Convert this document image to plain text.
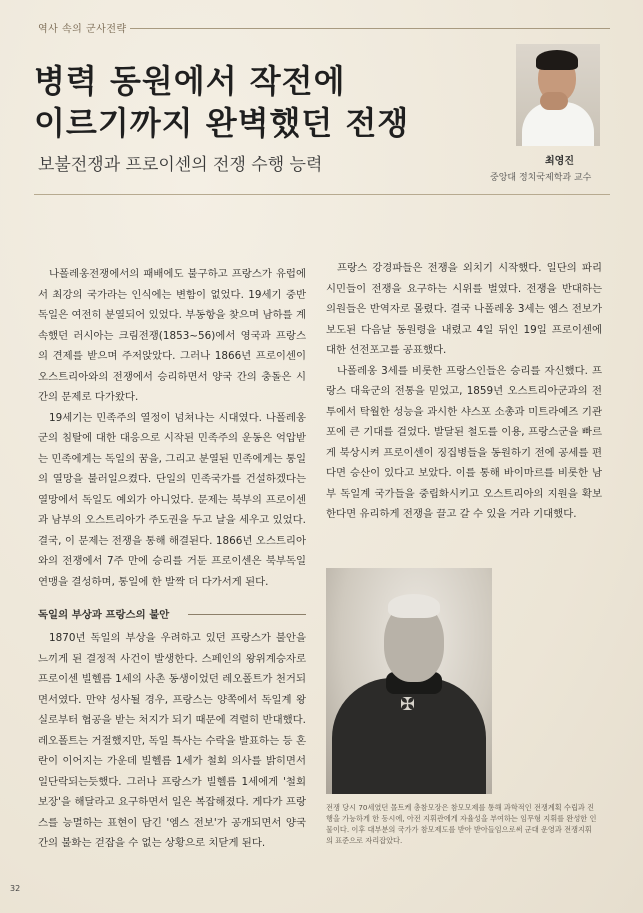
역사 속의 군사전략
병력 동원에서 작전에
이르기까지 완벽했던 전쟁
보불전쟁과 프로이센의 전쟁 수행 능력	최영진
중앙대 정치국제학과 교수

나폴레옹전쟁에서의 패배에도 불구하고 프랑스가 유럽에서 최강의 국가라는 인식에는 변함이 없었다. 19세기 중반 독일은 여전히 분열되어 있었다. 부동항을 찾으며 남하를 계속했던 러시아는 크림전쟁(1853~56)에서 영국과 프랑스의 견제를 받으며 주저앉았다. 그러나 1866년 프로이센이 오스트리아와의 전쟁에서 승리하면서 양국 간의 충돌은 시간의 문제로 다가왔다.

19세기는 민족주의 열정이 넘쳐나는 시대였다. 나폴레옹군의 침탈에 대한 대응으로 시작된 민족주의 운동은 억압받는 민족에게는 독일의 꿈을, 그리고 분열된 민족에게는 통일의 열망을 불러일으켰다. 단일의 민족국가를 건설하겠다는 열망에서 독일도 예외가 아니었다. 문제는 북부의 프로이센과 남부의 오스트리아가 주도권을 두고 날을 세우고 있었다. 결국, 이 문제는 전쟁을 통해 해결된다. 1866년 오스트리아와의 전쟁에서 7주 만에 승리를 거둔 프로이센은 북부독일연맹을 결성하며, 통일에 한 발짝 더 다가서게 된다.

독일의 부상과 프랑스의 불안

1870년 독일의 부상을 우려하고 있던 프랑스가 불안을 느끼게 된 결정적 사건이 발생한다. 스페인의 왕위계승자로 프로이센 빌헬름 1세의 사촌 동생이었던 레오폴트가 천거되면서였다. 만약 성사될 경우, 프랑스는 양쪽에서 독일계 왕실로부터 협공을 받는 처지가 되기 때문에 격렬히 반대했다. 레오폴트는 거절했지만, 독일 특사는 수락을 발표하는 등 혼란이 이어지는 가운데 빌헬름 1세가 철회 의사를 밝히면서 일단락되는듯했다. 그러나 프랑스가 빌헬름 1세에게 '철회 보장'을 해달라고 요구하면서 일은 복잡해졌다. 게다가 프랑스를 능멸하는 표현이 담긴 '엠스 전보'가 공개되면서 양국 간의 불화는 걷잡을 수 없는 상황으로 치닫게 된다.

프랑스 강경파들은 전쟁을 외치기 시작했다. 일단의 파리 시민들이 전쟁을 요구하는 시위를 벌였다. 전쟁을 반대하는 의원들은 반역자로 몰렸다. 결국 나폴레옹 3세는 엠스 전보가 보도된 다음날 동원령을 내렸고 4일 뒤인 19일 프로이센에 대한 선전포고를 공표했다.

나폴레옹 3세를 비롯한 프랑스인들은 승리를 자신했다. 프랑스 대육군의 전통을 믿었고, 1859년 오스트리아군과의 전투에서 탁월한 성능을 과시한 샤스포 소총과 미트라예즈 기관포에 큰 기대를 걸었다. 발달된 철도를 이용, 프랑스군을 빠르게 북상시켜 프로이센이 징집병들을 동원하기 전에 공세를 편다면 승산이 있다고 보았다. 이를 통해 바이마르를 비롯한 남부 독일계 국가들을 중립화시키고 오스트리아의 지원을 확보한다면 유리하게 전쟁을 끌고 갈 수 있을 거라 기대했다.

✠
전쟁 당시 70세였던 몰트케 총참모장은 참모모제를 통해 과학적인 전쟁계획 수립과 진행을 가능하게 한 동시에, 아전 지휘관에게 자율성을 부여하는 임무형 지휘를 완성한 인물이다. 이후 대부분의 국가가 참모제도를 받아 받아들임으로써 군대 운영과 전쟁지휘의 표준으로 자리잡았다.
32
